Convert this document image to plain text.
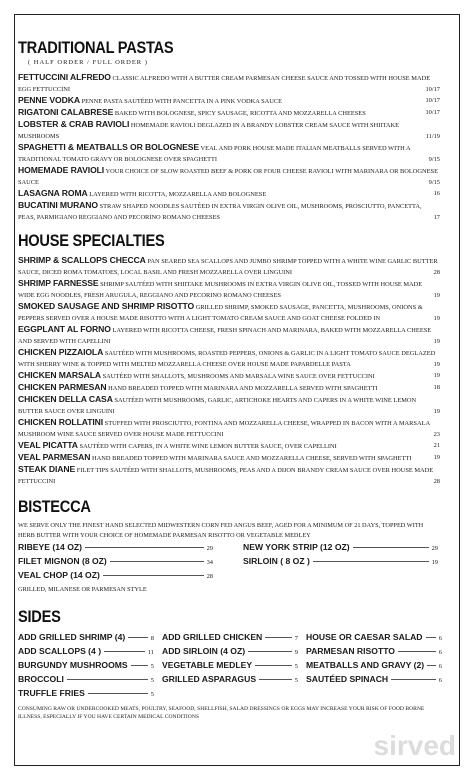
TRADITIONAL PASTAS
( HALF ORDER / FULL ORDER )
FETTUCCINI ALFREDO CLASSIC ALFREDO WITH A BUTTER CREAM PARMESAN CHEESE SAUCE AND TOSSED WITH HOUSE MADE EGG FETTUCCINI	10/17
PENNE VODKA PENNE PASTA SAUTÉED WITH PANCETTA IN A PINK VODKA SAUCE	10/17
RIGATONI CALABRESE BAKED WITH BOLOGNESE, SPICY SAUSAGE, RICOTTA AND MOZZARELLA CHEESES	10/17
LOBSTER & CRAB RAVIOLI HOMEMADE RAVIOLI DEGLAZED IN A BRANDY LOBSTER CREAM SAUCE WITH SHIITAKE MUSHROOMS	11/19
SPAGHETTI & MEATBALLS OR BOLOGNESE VEAL AND PORK HOUSE MADE ITALIAN MEATBALLS SERVED WITH A TRADITIONAL TOMATO GRAVY OR BOLOGNESE OVER SPAGHETTI	9/15
HOMEMADE RAVIOLI YOUR CHOICE OF SLOW ROASTED BEEF & PORK OR FOUR CHEESE RAVIOLI WITH MARINARA OR BOLOGNESE SAUCE	9/15
LASAGNA ROMA LAYERED WITH RICOTTA, MOZZARELLA AND BOLOGNESE	16
BUCATINI MURANO STRAW SHAPED NOODLES SAUTÉED IN EXTRA VIRGIN OLIVE OIL, MUSHROOMS, PROSCIUTTO, PANCETTA, PEAS, PARMIGIANO REGGIANO AND PECORINO ROMANO CHEESES	17
HOUSE SPECIALTIES
SHRIMP & SCALLOPS CHECCA PAN SEARED SEA SCALLOPS AND JUMBO SHRIMP TOPPED WITH A WHITE WINE GARLIC BUTTER SAUCE, DICED ROMA TOMATOES, LOCAL BASIL AND FRESH MOZZARELLA OVER LINGUINI	28
SHRIMP FARNESSE SHRIMP SAUTÉED WITH SHIITAKE MUSHROOMS IN EXTRA VIRGIN OLIVE OIL, TOSSED WITH HOUSE MADE WIDE EGG NOODLES, FRESH ARUGULA, REGGIANO AND PECORINO ROMANO CHEESES	19
SMOKED SAUSAGE AND SHRIMP RISOTTO GRILLED SHRIMP, SMOKED SAUSAGE, PANCETTA, MUSHROOMS, ONIONS & PEPPERS SERVED OVER A HOUSE MADE RISOTTO WITH A LIGHT TOMATO CREAM SAUCE AND GOAT CHEESE FOLDED IN	19
EGGPLANT AL FORNO LAYERED WITH RICOTTA CHEESE, FRESH SPINACH AND MARINARA, BAKED WITH MOZZARELLA CHEESE AND SERVED WITH CAPELLINI	19
CHICKEN PIZZAIOLA SAUTÉED WITH MUSHROOMS, ROASTED PEPPERS, ONIONS & GARLIC IN A LIGHT TOMATO SAUCE DEGLAZED WITH SHERRY WINE & TOPPED WITH MELTED MOZZARELLA CHEESE OVER HOUSE MADE PAPARDELLE PASTA	19
CHICKEN MARSALA SAUTÉED WITH SHALLOTS, MUSHROOMS AND MARSALA WINE SAUCE OVER FETTUCCINI	19
CHICKEN PARMESAN HAND BREADED TOPPED WITH MARINARA AND MOZZARELLA SERVED WITH SPAGHETTI	18
CHICKEN DELLA CASA SAUTÉED WITH MUSHROOMS, GARLIC, ARTICHOKE HEARTS AND CAPERS IN A WHITE WINE LEMON BUTTER SAUCE OVER LINGUINI	19
CHICKEN ROLLATINI STUFFED WITH PROSCIUTTO, FONTINA AND MOZZARELLA CHEESE, WRAPPED IN BACON WITH A MARSALA MUSHROOM WINE SAUCE SERVED OVER HOUSE MADE FETTUCCINI	23
VEAL PICATTA SAUTÉED WITH CAPERS, IN A WHITE WINE LEMON BUTTER SAUCE, OVER CAPELLINI	21
VEAL PARMESAN HAND BREADED TOPPED WITH MARINARA SAUCE AND MOZZARELLA CHEESE, SERVED WITH SPAGHETTI	19
STEAK DIANE FILET TIPS SAUTÉED WITH SHALLOTS, MUSHROOMS, PEAS AND A DIJON BRANDY CREAM SAUCE OVER HOUSE MADE FETTUCCINI	28
BISTECCA
WE SERVE ONLY THE FINEST HAND SELECTED MIDWESTERN CORN FED ANGUS BEEF, AGED FOR A MINIMUM OF 21 DAYS, TOPPED WITH HERB BUTTER WITH YOUR CHOICE OF HOMEMADE PARMESAN RISOTTO OR VEGETABLE MEDLEY
RIBEYE (14 OZ)	29
FILET MIGNON (8 OZ)	34
VEAL CHOP (14 OZ)	28
NEW YORK STRIP (12 OZ)	29
SIRLOIN ( 8 OZ )	19
GRILLED, MILANESE OR PARMESAN STYLE
SIDES
ADD GRILLED SHRIMP (4)	8
ADD SCALLOPS (4 )	11
BURGUNDY MUSHROOMS	5
BROCCOLI	5
TRUFFLE FRIES	5
ADD GRILLED CHICKEN	7
ADD SIRLOIN (4 OZ)	9
VEGETABLE MEDLEY	5
GRILLED ASPARAGUS	5
HOUSE OR CAESAR SALAD	6
PARMESAN RISOTTO	6
MEATBALLS AND GRAVY (2) 6
SAUTÉED SPINACH	6
CONSUMING RAW OR UNDERCOOKED MEATS, POULTRY, SEAFOOD, SHELLFISH, SALAD DRESSINGS OR EGGS MAY INCREASE YOUR RISK OF FOOD BORNE ILLNESS, ESPECIALLY IF YOU HAVE CERTAIN MEDICAL CONDITIONS
sirved
